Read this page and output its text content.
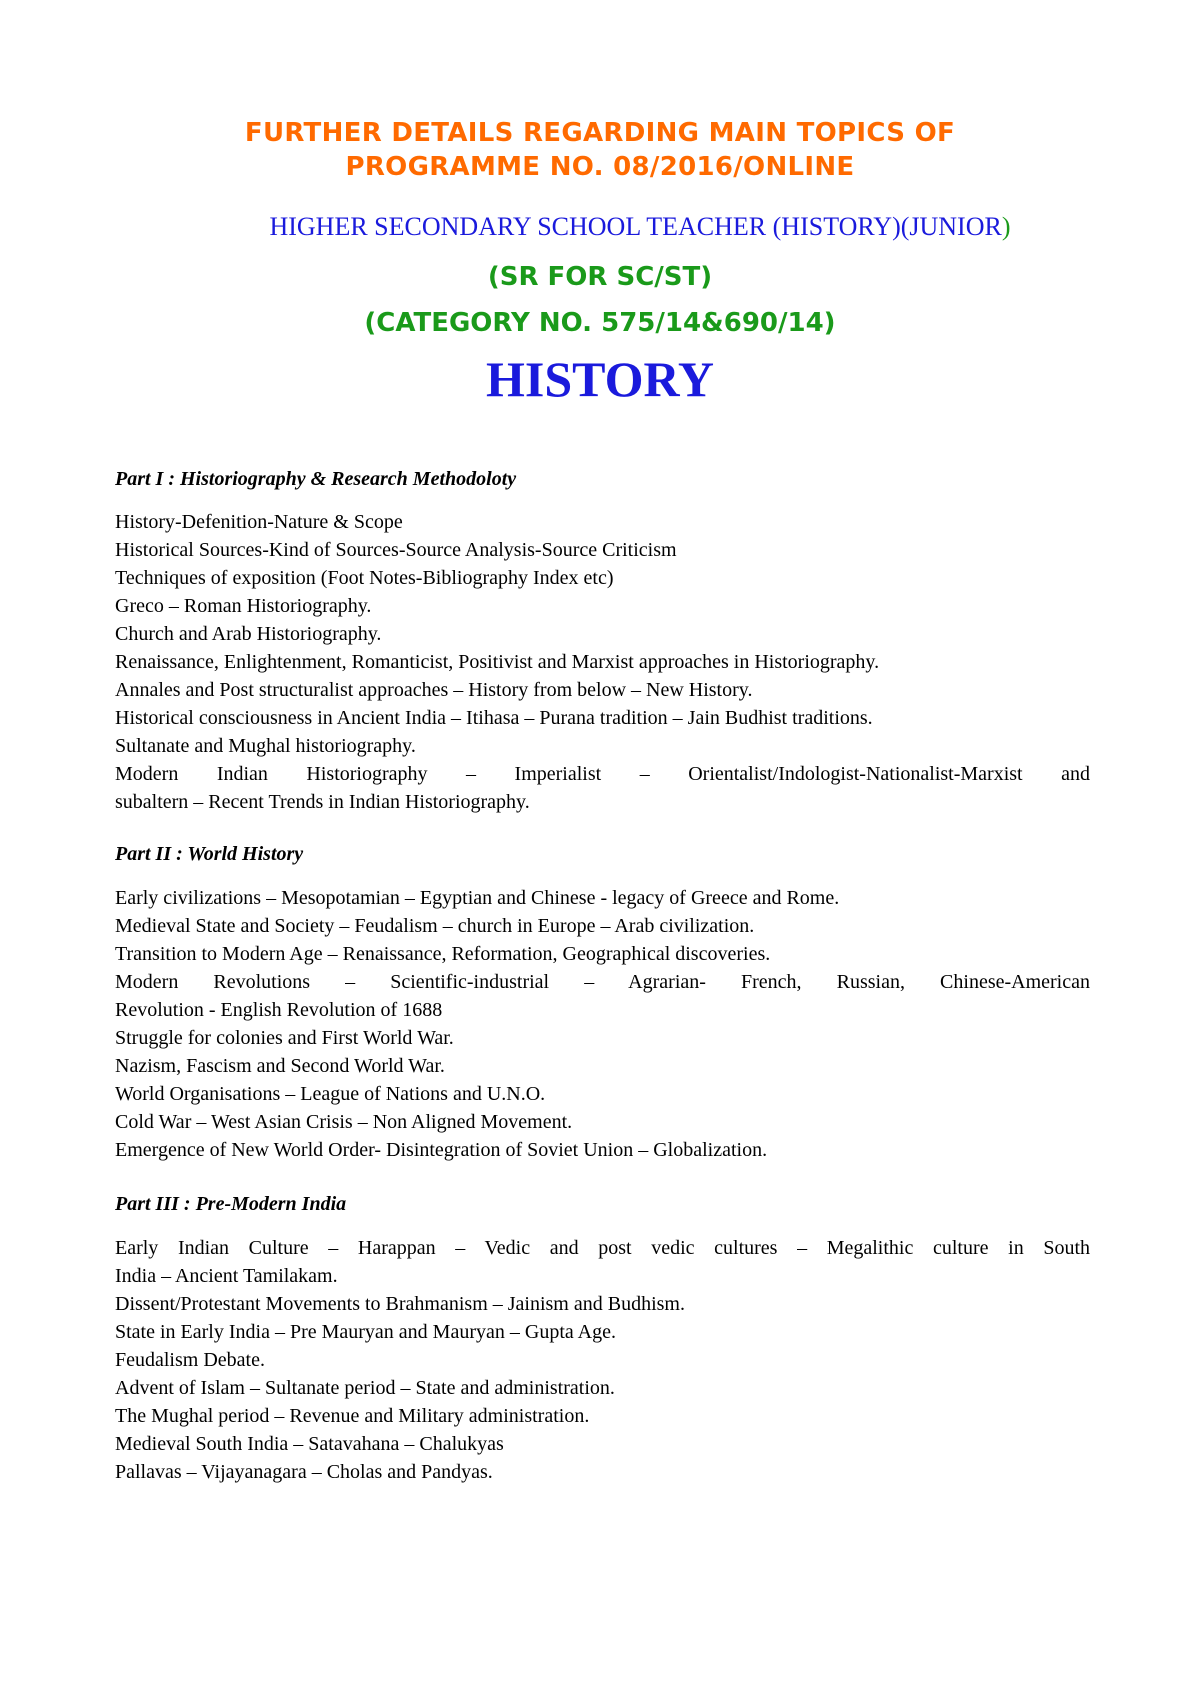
FURTHER DETAILS REGARDING MAIN TOPICS OF
PROGRAMME NO. 08/2016/ONLINE
HIGHER SECONDARY SCHOOL TEACHER (HISTORY)(JUNIOR)
(SR FOR SC/ST)
(CATEGORY NO. 575/14&690/14)
HISTORY
Part I : Historiography & Research Methodoloty
History-Defenition-Nature & Scope
Historical Sources-Kind of Sources-Source Analysis-Source Criticism
Techniques of exposition (Foot Notes-Bibliography Index etc)
Greco – Roman Historiography.
Church and Arab Historiography.
Renaissance, Enlightenment, Romanticist, Positivist and Marxist approaches in Historiography.
Annales and Post structuralist approaches – History from below – New History.
Historical consciousness in Ancient India – Itihasa – Purana tradition – Jain Budhist traditions.
Sultanate and Mughal historiography.
Modern Indian Historiography – Imperialist – Orientalist/Indologist-Nationalist-Marxist and
subaltern – Recent Trends in Indian Historiography.
Part II : World History
Early civilizations – Mesopotamian – Egyptian and Chinese - legacy of Greece and Rome.
Medieval State and Society – Feudalism – church in Europe – Arab civilization.
Transition to Modern Age – Renaissance, Reformation, Geographical discoveries.
Modern Revolutions – Scientific-industrial – Agrarian- French, Russian, Chinese-American
Revolution - English Revolution of 1688
Struggle for colonies and First World War.
Nazism, Fascism and Second World War.
World Organisations – League of Nations and U.N.O.
Cold War – West Asian Crisis – Non Aligned Movement.
Emergence of New World Order- Disintegration of Soviet Union – Globalization.
Part III : Pre-Modern India
Early Indian Culture – Harappan – Vedic and post vedic cultures – Megalithic culture in South
India – Ancient Tamilakam.
Dissent/Protestant Movements to Brahmanism – Jainism and Budhism.
State in Early India – Pre Mauryan and Mauryan – Gupta Age.
Feudalism Debate.
Advent of Islam – Sultanate period – State and administration.
The Mughal period – Revenue and Military administration.
Medieval South India – Satavahana – Chalukyas
Pallavas – Vijayanagara – Cholas and Pandyas.
